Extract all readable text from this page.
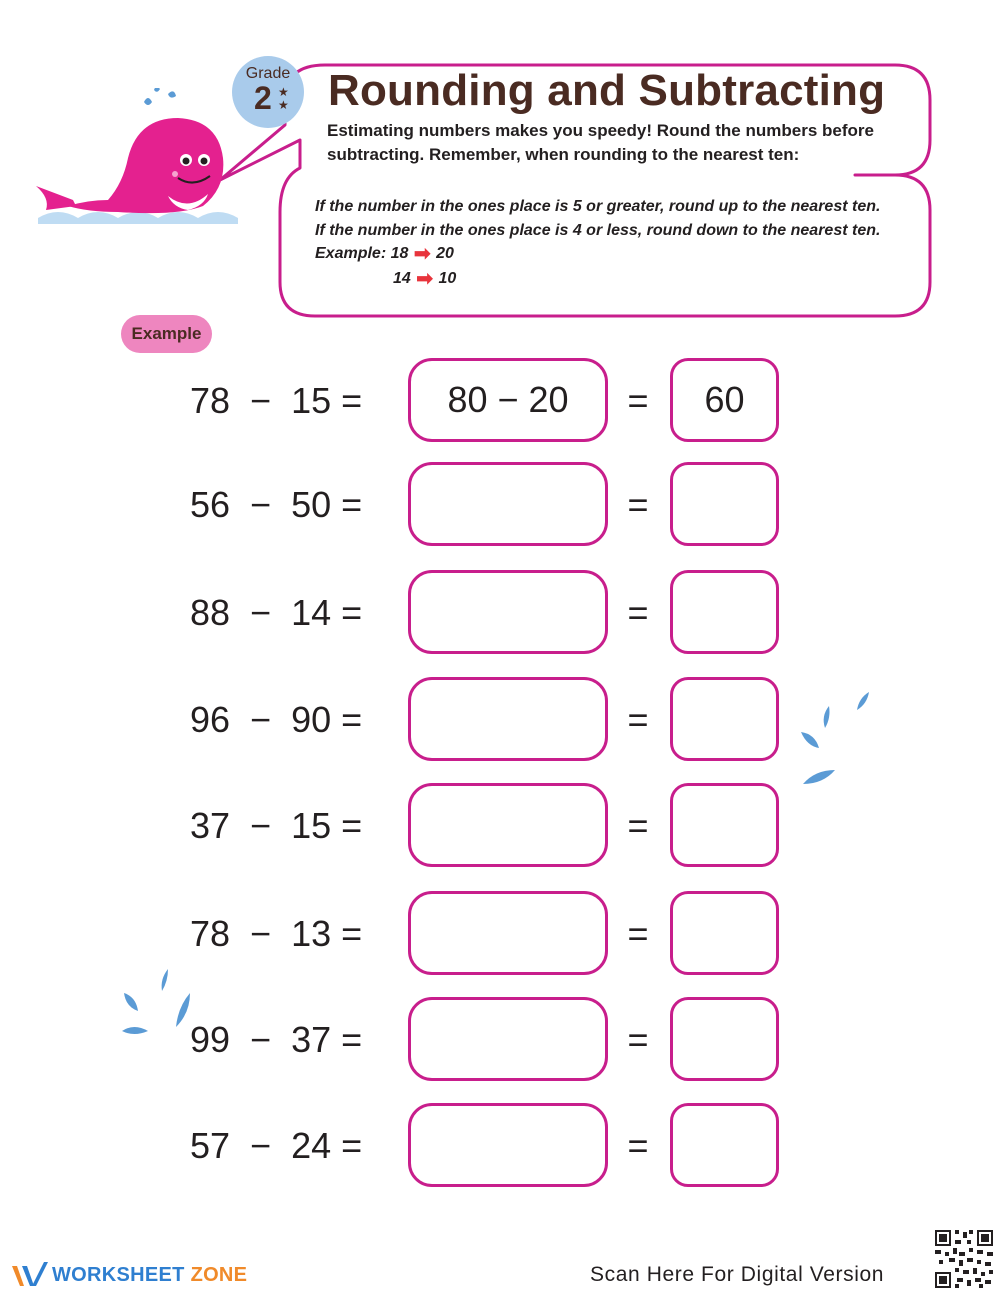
Grade
2 ★
★ Rounding and Subtracting

Estimating numbers makes you speedy! Round the numbers before subtracting. Remember, when rounding to the nearest ten:

If the number in the ones place is 5 or greater, round up to the nearest ten.
If the number in the ones place is 4 or less, round down to the nearest ten.
Example: 18 ➡ 20
14 ➡ 10
Example
78  −  15 =	80 − 20	=	60
56  −  50 =	=
88  −  14 =	=
96  −  90 =	=
37  −  15 =	=
78  −  13 =	=
99  −  37 =	=
57  −  24 =	=
WORKSHEET ZONE	Scan Here For Digital Version
